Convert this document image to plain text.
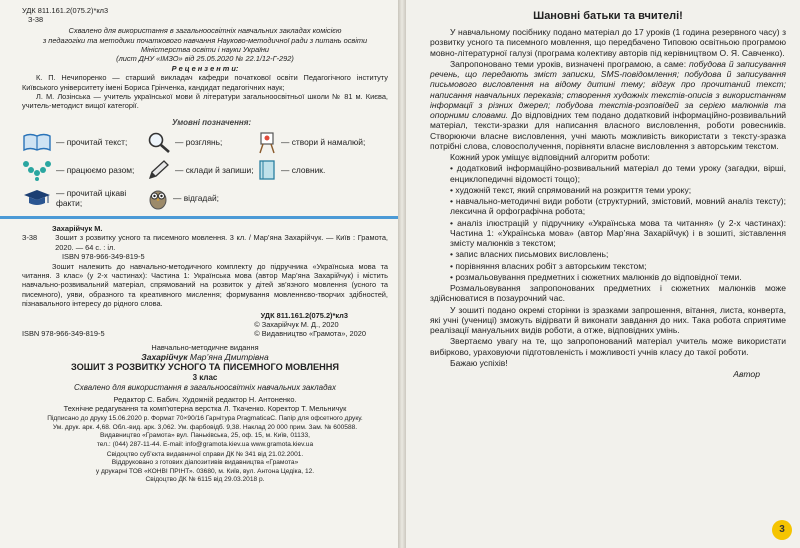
УДК 811.161.2(075.2)*кл3
З-38
Схвалено для використання в загальноосвітніх навчальних закладах комісією
з педагогіки та методики початкового навчання Науково-методичної ради з питань освіти
Міністерства освіти і науки України
(лист ДНУ «ІМЗО» від 25.05.2020 № 22.1/12-Г-292)
Р е ц е н з е н т и:
К. П. Нечипоренко — старший викладач кафедри початкової освіти Педагогічного інституту Київського університету імені Бориса Грінченка, кандидат педагогічних наук;
Л. М. Лозінська — учитель української мови й літератури загальноосвітньої школи № 81 м. Києва, учитель-методист вищої категорії.
Умовні позначення:
— прочитай текст;	— розглянь;	— створи й намалюй;
— працюємо разом;	— склади й запиши;	— словник.
— прочитай цікаві факти;	— відгадай;
Захарійчук М.
З-38 Зошит з розвитку усного та писемного мовлення. 3 кл. / Мар’яна Захарійчук. — Київ : Грамота, 2020. — 64 с. : іл.
ISBN 978-966-349-819-5
Зошит належить до навчально-методичного комплекту до підручника «Українська мова та читання. 3 клас» (у 2-х частинах): Частина 1: Українська мова (автор Мар’яна Захарійчук) і містить навчально-розвивальний матеріал, спрямований на розвиток у дітей зв’язного мовлення (усного та писемного), уяви, образного та креативного мислення; формування мовленнєво-творчих здібностей, пізнавального інтересу до рідного слова.
УДК 811.161.2(075.2)*кл3
ISBN 978-966-349-819-5
© Захарійчук М. Д., 2020
© Видавництво «Грамота», 2020
Навчально-методичне видання
Захарійчук Мар’яна Дмитрівна
ЗОШИТ З РОЗВИТКУ УСНОГО ТА ПИСЕМНОГО МОВЛЕННЯ
3 клас
Схвалено для використання в загальноосвітніх навчальних закладах
Редактор С. Бабич. Художній редактор Н. Антоненко.
Технічне редагування та комп’ютерна верстка Л. Ткаченко. Коректор Т. Мельничук
Підписано до друку 15.06.2020 р. Формат 70×90/16 Гарнітура PragmaticaC. Папір для офсетного друку.
Ум. друк. арк. 4,68. Обл.-вид. арк. 3,062. Ум. фарбовідб. 9,38. Наклад 20 000 прим. Зам. № 600588.
Видавництво «Грамота» вул. Паньківська, 25, оф. 15, м. Київ, 01133,
тел.: (044) 287-11-44. E-mail: info@gramota.kiev.ua www.gramota.kiev.ua
Свідоцтво суб’єкта видавничої справи ДК № 341 від 21.02.2001.
Віддруковано з готових діапозитивів видавництва «Грамота»
у друкарні ТОВ «КОНВІ ПРІНТ». 03680, м. Київ, вул. Антона Цедіка, 12.
Свідоцтво ДК № 6115 від 29.03.2018 р.
Шановні батьки та вчителі!

У навчальному посібнику подано матеріал до 17 уроків (1 година резервного часу) з розвитку усного та писемного мовлення, що передбачено Типовою освітньою програмою мовно-літературної галузі (програма колективу авторів під керівництвом О. Я. Савченко).

Запропоновано теми уроків, визначені програмою, а саме: побудова й записування речень, що передають зміст записки, SMS-повідомлення; побудова й записування письмового висловлення на відому дитині тему; відгук про прочитаний текст; написання навчальних переказів; створення художніх текстів-описів з використанням інформації з різних джерел; побудова текстів-розповідей за серією малюнків та опорними словами. До відповідних тем подано додатковий інформаційно-розвивальний матеріал, тексти-зразки для написання власного висловлення, роботи ровесників. Створюючи власне висловлення, учні мають можливість використати з тексту-зразка потрібні слова, словосполучення, порівняти власне висловлення з авторським текстом.

Кожний урок уміщує відповідний алгоритм роботи:

• додатковий інформаційно-розвивальний матеріал до теми уроку (загадки, вірші, енциклопедичні відомості тощо);

• художній текст, який спрямований на розкриття теми уроку;

• навчально-методичні види роботи (структурний, змістовий, мовний аналіз тексту); лексична й орфографічна робота;

• аналіз ілюстрацій у підручнику «Українська мова та читання» (у 2-х частинах): Частина 1: «Українська мова» (автор Мар’яна Захарійчук) і в зошиті, зіставлення змісту малюнків з текстом;

• запис власних письмових висловлень;

• порівняння власних робіт з авторським текстом;

• розмальовування предметних і сюжетних малюнків до відповідної теми.

Розмальовування запропонованих предметних і сюжетних малюнків може здійснюватися в позаурочний час.

У зошиті подано окремі сторінки із зразками запрошення, вітання, листа, конверта, які учні (учениці) зможуть відірвати й виконати завдання до них. Така робота сприятиме реалізації мануальних видів роботи, а отже, відповідних умінь.

Звертаємо увагу на те, що запропонований матеріал учитель може використати вибірково, ураховуючи підготовленість і можливості учнів класу до такої роботи.

Бажаю успіхів!

Автор
3
